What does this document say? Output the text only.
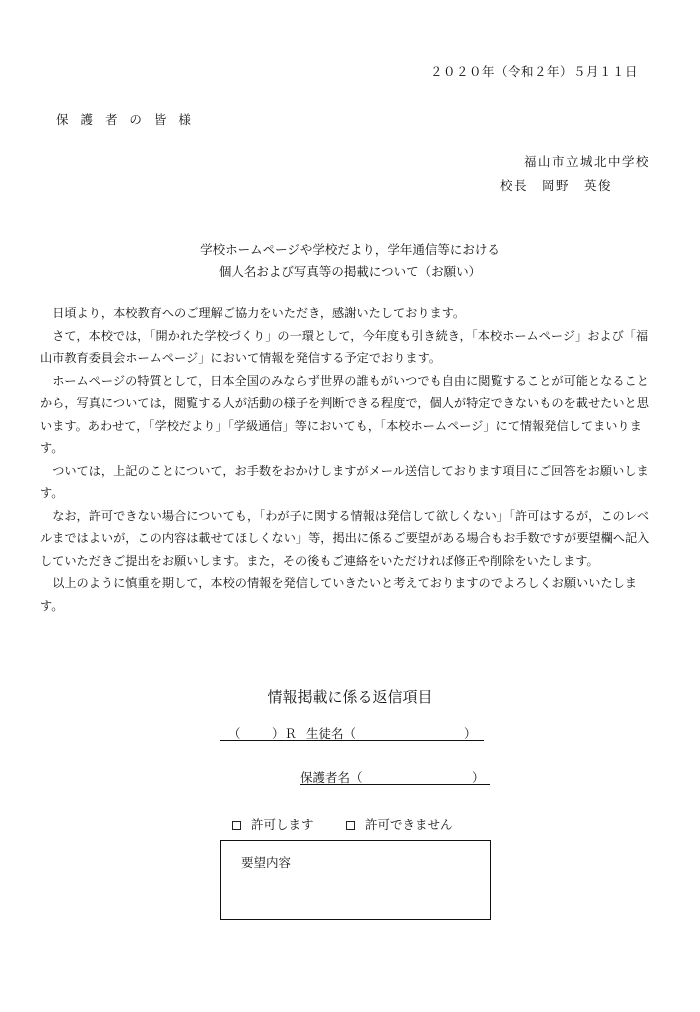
２０２０年（令和２年）５月１１日
保 護 者 の 皆 様
福山市立城北中学校
校長　岡野　英俊
学校ホームページや学校だより，学年通信等における
個人名および写真等の掲載について（お願い）

日頃より，本校教育へのご理解ご協力をいただき，感謝いたしております。

さて，本校では，「開かれた学校づくり」の一環として，今年度も引き続き，「本校ホームページ」および「福山市教育委員会ホームページ」において情報を発信する予定でおります。

ホームページの特質として，日本全国のみならず世界の誰もがいつでも自由に閲覧することが可能となることから，写真については，閲覧する人が活動の様子を判断できる程度で，個人が特定できないものを載せたいと思います。あわせて，「学校だより」「学級通信」等においても，「本校ホームページ」にて情報発信してまいります。

ついては，上記のことについて，お手数をおかけしますがメール送信しております項目にご回答をお願いします。

なお，許可できない場合についても，「わが子に関する情報は発信して欲しくない」「許可はするが，このレベルまではよいが，この内容は載せてほしくない」等，掲出に係るご要望がある場合もお手数ですが要望欄へ記入していただきご提出をお願いします。また，その後もご連絡をいただければ修正や削除をいたします。

以上のように慎重を期して，本校の情報を発信していきたいと考えておりますのでよろしくお願いいたします。

情報掲載に係る返信項目
（	）Ｒ 生徒名（	）
保護者名（	）
許可します	許可できません
要望内容
